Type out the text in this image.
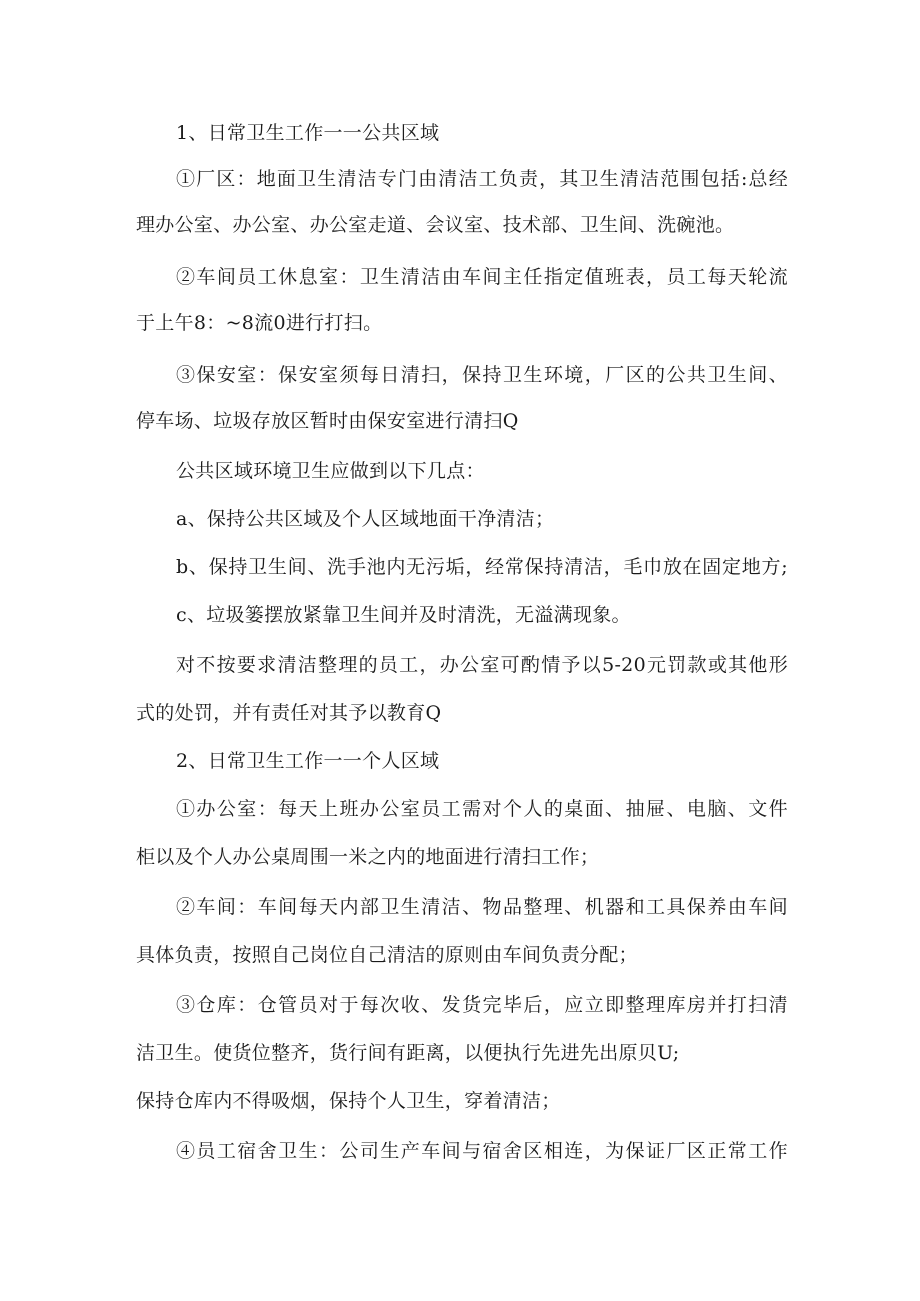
1、日常卫生工作一一公共区域
①厂区：地面卫生清洁专门由清洁工负责，其卫生清洁范围包括:总经
理办公室、办公室、办公室走道、会议室、技术部、卫生间、洗碗池。
②车间员工休息室：卫生清洁由车间主任指定值班表，员工每天轮流
于上午8：~8流0进行打扫。
③保安室：保安室须每日清扫，保持卫生环境，厂区的公共卫生间、
停车场、垃圾存放区暂时由保安室进行清扫Q
公共区域环境卫生应做到以下几点：
a、保持公共区域及个人区域地面干净清洁；
b、保持卫生间、洗手池内无污垢，经常保持清洁，毛巾放在固定地方;
c、垃圾篓摆放紧靠卫生间并及时清洗，无溢满现象。
对不按要求清洁整理的员工，办公室可酌情予以5-20元罚款或其他形
式的处罚，并有责任对其予以教育Q
2、日常卫生工作一一个人区域
①办公室：每天上班办公室员工需对个人的桌面、抽屉、电脑、文件
柜以及个人办公桌周围一米之内的地面进行清扫工作；
②车间：车间每天内部卫生清洁、物品整理、机器和工具保养由车间
具体负责，按照自己岗位自己清洁的原则由车间负责分配；
③仓库：仓管员对于每次收、发货完毕后，应立即整理库房并打扫清
洁卫生。使货位整齐，货行间有距离，以便执行先进先出原贝U;
保持仓库内不得吸烟，保持个人卫生，穿着清洁；
④员工宿舍卫生：公司生产车间与宿舍区相连，为保证厂区正常工作
